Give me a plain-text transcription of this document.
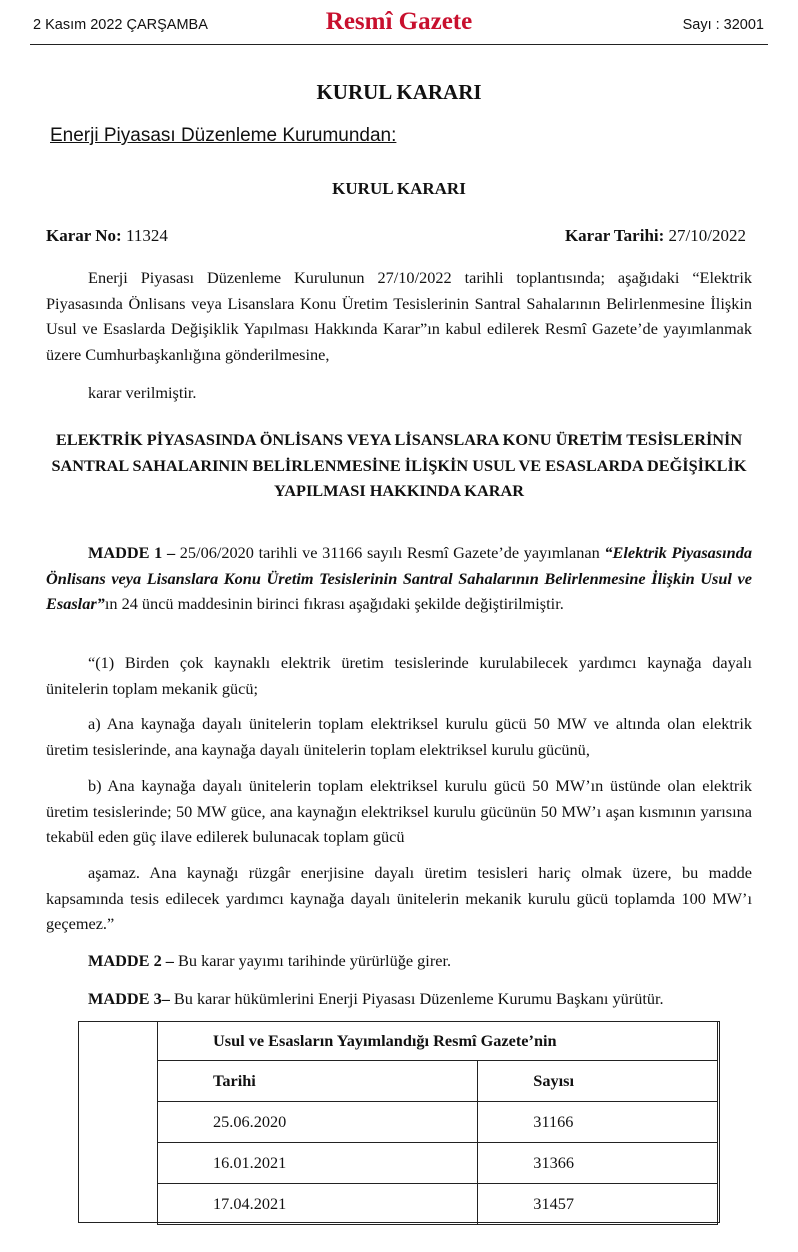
2 Kasım 2022 ÇARŞAMBA	Resmî Gazete	Sayı : 32001
KURUL KARARI
Enerji Piyasası Düzenleme Kurumundan:
KURUL KARARI
Karar No: 11324	Karar Tarihi: 27/10/2022

Enerji Piyasası Düzenleme Kurulunun 27/10/2022 tarihli toplantısında; aşağıdaki “Elektrik Piyasasında Önlisans veya Lisanslara Konu Üretim Tesislerinin Santral Sahalarının Belirlenmesine İlişkin Usul ve Esaslarda Değişiklik Yapılması Hakkında Karar”ın kabul edilerek Resmî Gazete’de yayımlanmak üzere Cumhurbaşkanlığına gönderilmesine,

karar verilmiştir.

ELEKTRİK PİYASASINDA ÖNLİSANS VEYA LİSANSLARA KONU ÜRETİM TESİSLERİNİN SANTRAL SAHALARININ BELİRLENMESİNE İLİŞKİN USUL VE ESASLARDA DEĞİŞİKLİK YAPILMASI HAKKINDA KARAR

MADDE 1 – 25/06/2020 tarihli ve 31166 sayılı Resmî Gazete’de yayımlanan “Elektrik Piyasasında Önlisans veya Lisanslara Konu Üretim Tesislerinin Santral Sahalarının Belirlenmesine İlişkin Usul ve Esaslar”ın 24 üncü maddesinin birinci fıkrası aşağıdaki şekilde değiştirilmiştir.

“(1) Birden çok kaynaklı elektrik üretim tesislerinde kurulabilecek yardımcı kaynağa dayalı ünitelerin toplam mekanik gücü;

a) Ana kaynağa dayalı ünitelerin toplam elektriksel kurulu gücü 50 MW ve altında olan elektrik üretim tesislerinde, ana kaynağa dayalı ünitelerin toplam elektriksel kurulu gücünü,

b) Ana kaynağa dayalı ünitelerin toplam elektriksel kurulu gücü 50 MW’ın üstünde olan elektrik üretim tesislerinde; 50 MW güce, ana kaynağın elektriksel kurulu gücünün 50 MW’ı aşan kısmının yarısına tekabül eden güç ilave edilerek bulunacak toplam gücü

aşamaz. Ana kaynağı rüzgâr enerjisine dayalı üretim tesisleri hariç olmak üzere, bu madde kapsamında tesis edilecek yardımcı kaynağa dayalı ünitelerin mekanik kurulu gücü toplamda 100 MW’ı geçemez.”

MADDE 2 – Bu karar yayımı tarihinde yürürlüğe girer.

MADDE 3– Bu karar hükümlerini Enerji Piyasası Düzenleme Kurumu Başkanı yürütür.

Usul ve Esasların Yayımlandığı Resmî Gazete’nin	
Tarihi	Sayısı
25.06.2020	31166
16.01.2021	31366
17.04.2021	31457
